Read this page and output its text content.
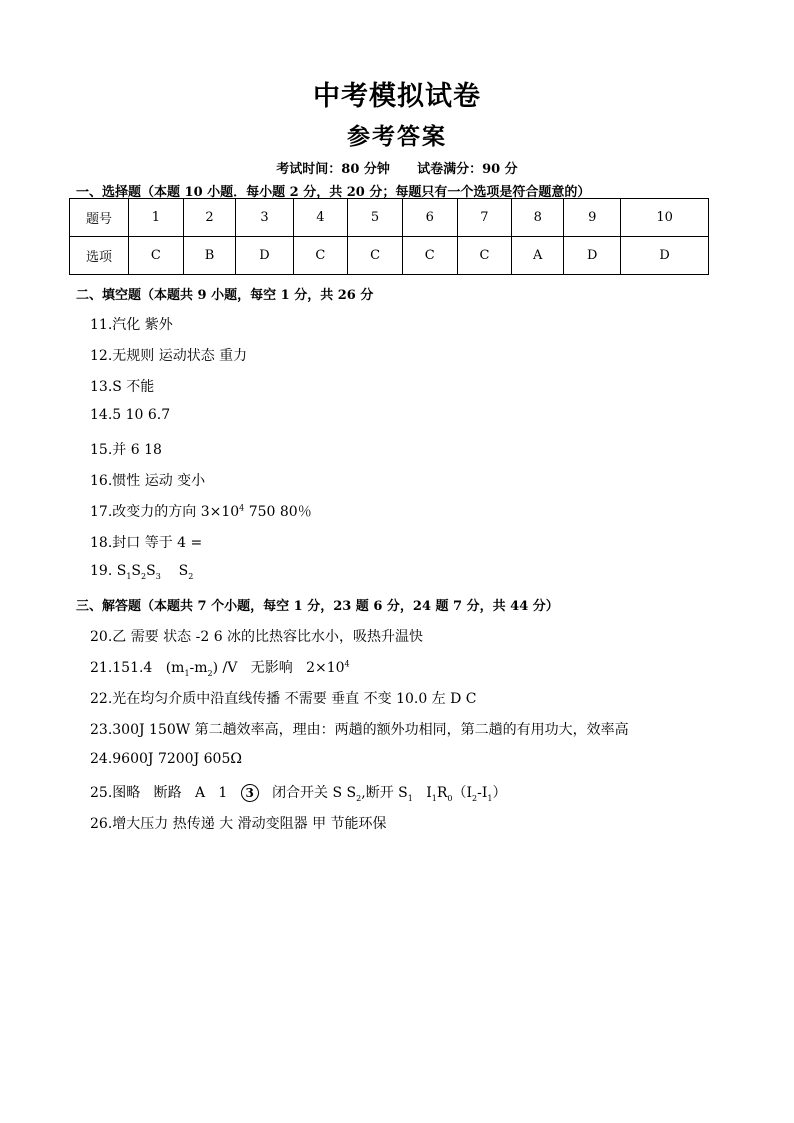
中考模拟试卷
参考答案
考试时间：80 分钟      试卷满分：90 分
一、选择题（本题 10 小题．每小题 2 分，共 20 分；每题只有一个选项是符合题意的）
题号	1	2	3	4	5	6	7	8	9	10
选项	C	B	D	C	C	C	C	A	D	D
二、填空题（本题共 9 小题，每空 1 分，共 26 分
11.汽化 紫外
12.无规则 运动状态 重力
13.S 不能
14.5 10 6.7
15.并 6 18
16.惯性 运动 变小
17.改变力的方向 $3\times 10^4$ 750 80％
18.封口 等于 4 =
19. $S_1S_2S_3$    $S_2$
三、解答题（本题共 7 个小题，每空 1 分，23 题 6 分，24 题 7 分，共 44 分）
20.乙 需要 状态 -2 6 冰的比热容比水小，吸热升温快
21.151.4   $(m_1-m_2)$ /V   无影响   $2\times 10^4$
22.光在均匀介质中沿直线传播 不需要 垂直 不变 10.0 左 D C
23.300J 150W 第二趟效率高，理由：两趟的额外功相同，第二趟的有用功大，效率高
24.9600J 7200J 605Ω
25.图略   断路   A   1 3 闭合开关 S $S_2$,断开 $S_1$   $I_1R_0(I_2-I_1)$
26.增大压力 热传递 大 滑动变阻器 甲 节能环保
